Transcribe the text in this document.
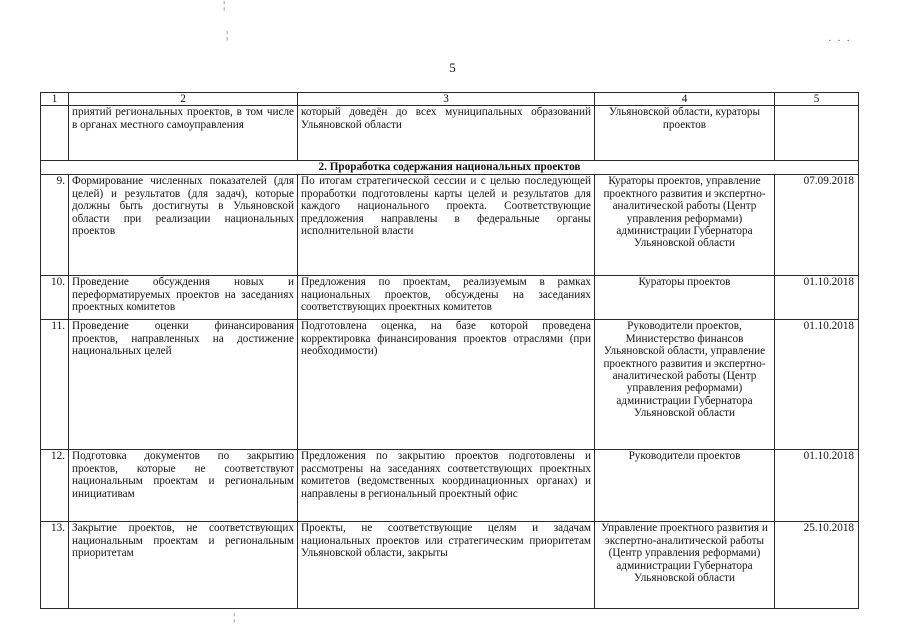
¦
¦	·  ·  ·
¦
5
1	2	3	4	5
	приятий региональных проектов, в том числе в органах местного самоуправления	который доведён до всех муниципальных образований Ульяновской области	Ульяновской области, кураторы проектов	
2. Проработка содержания национальных проектов				
9.	Формирование численных показателей (для целей) и результатов (для задач), которые должны быть достигнуты в Ульяновской области при реализации национальных проектов	По итогам стратегической сессии и с целью последующей проработки подготовлены карты целей и результатов для каждого национального проекта. Соответствующие предложения направлены в федеральные органы исполнительной власти	Кураторы проектов, управление проектного развития и экспертно-аналитической работы (Центр управления реформами) администрации Губернатора Ульяновской области	07.09.2018
10.	Проведение обсуждения новых и переформатируемых проектов на заседаниях проектных комитетов	Предложения по проектам, реализуемым в рамках национальных проектов, обсуждены на заседаниях соответствующих проектных комитетов	Кураторы проектов	01.10.2018
11.	Проведение оценки финансирования проектов, направленных на достижение национальных целей	Подготовлена оценка, на базе которой проведена корректировка финансирования проектов отраслями (при необходимости)	Руководители проектов, Министерство финансов Ульяновской области, управление проектного развития и экспертно-аналитической работы (Центр управления реформами) администрации Губернатора Ульяновской области	01.10.2018
12.	Подготовка документов по закрытию проектов, которые не соответствуют национальным проектам и региональным инициативам	Предложения по закрытию проектов подготовлены и рассмотрены на заседаниях соответствующих проектных комитетов (ведомственных координационных органах) и направлены в региональный проектный офис	Руководители проектов	01.10.2018
13.	Закрытие проектов, не соответствующих национальным проектам и региональным приоритетам	Проекты, не соответствующие целям и задачам национальных проектов или стратегическим приоритетам Ульяновской области, закрыты	Управление проектного развития и экспертно-аналитической работы (Центр управления реформами) администрации Губернатора Ульяновской области	25.10.2018
